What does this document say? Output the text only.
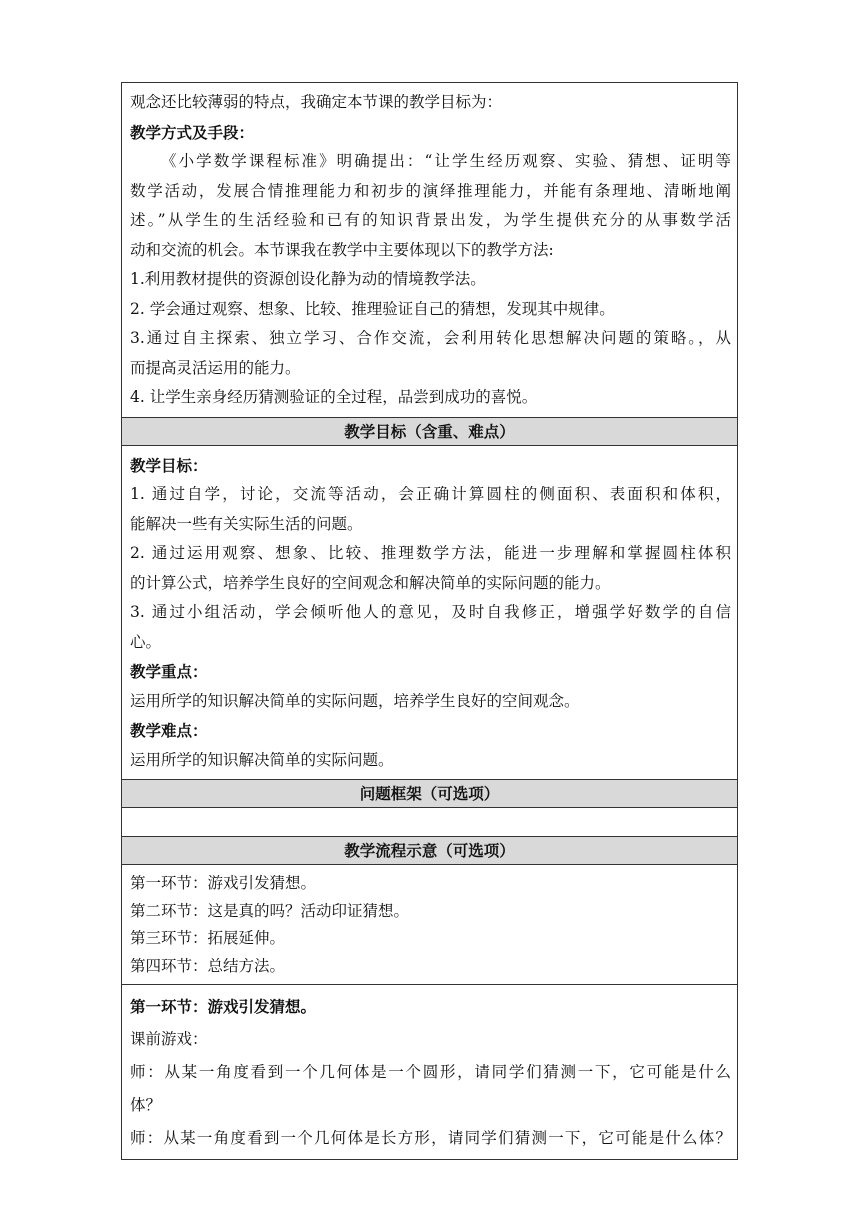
观念还比较薄弱的特点，我确定本节课的教学目标为：
教学方式及手段：
《小学数学课程标准》明确提出：“让学生经历观察、实验、猜想、证明等
数学活动，发展合情推理能力和初步的演绎推理能力，并能有条理地、清晰地阐
述。”从学生的生活经验和已有的知识背景出发，为学生提供充分的从事数学活
动和交流的机会。本节课我在教学中主要体现以下的教学方法:
1.利用教材提供的资源创设化静为动的情境教学法。
2. 学会通过观察、想象、比较、推理验证自己的猜想，发现其中规律。
3.通过自主探索、独立学习、合作交流，会利用转化思想解决问题的策略。，从
而提高灵活运用的能力。
4. 让学生亲身经历猜测验证的全过程，品尝到成功的喜悦。
教学目标（含重、难点）
教学目标：
1. 通过自学，讨论，交流等活动，会正确计算圆柱的侧面积、表面积和体积，
能解决一些有关实际生活的问题。
2. 通过运用观察、想象、比较、推理数学方法，能进一步理解和掌握圆柱体积
的计算公式，培养学生良好的空间观念和解决简单的实际问题的能力。
3. 通过小组活动，学会倾听他人的意见，及时自我修正，增强学好数学的自信
心。
教学重点：
运用所学的知识解决简单的实际问题，培养学生良好的空间观念。
教学难点：
运用所学的知识解决简单的实际问题。
问题框架（可选项）
教学流程示意（可选项）
第一环节：游戏引发猜想。
第二环节：这是真的吗？活动印证猜想。
第三环节：拓展延伸。
第四环节：总结方法。
第一环节：游戏引发猜想。
课前游戏：
师：从某一角度看到一个几何体是一个圆形，请同学们猜测一下，它可能是什么
体？
师：从某一角度看到一个几何体是长方形，请同学们猜测一下，它可能是什么体？
